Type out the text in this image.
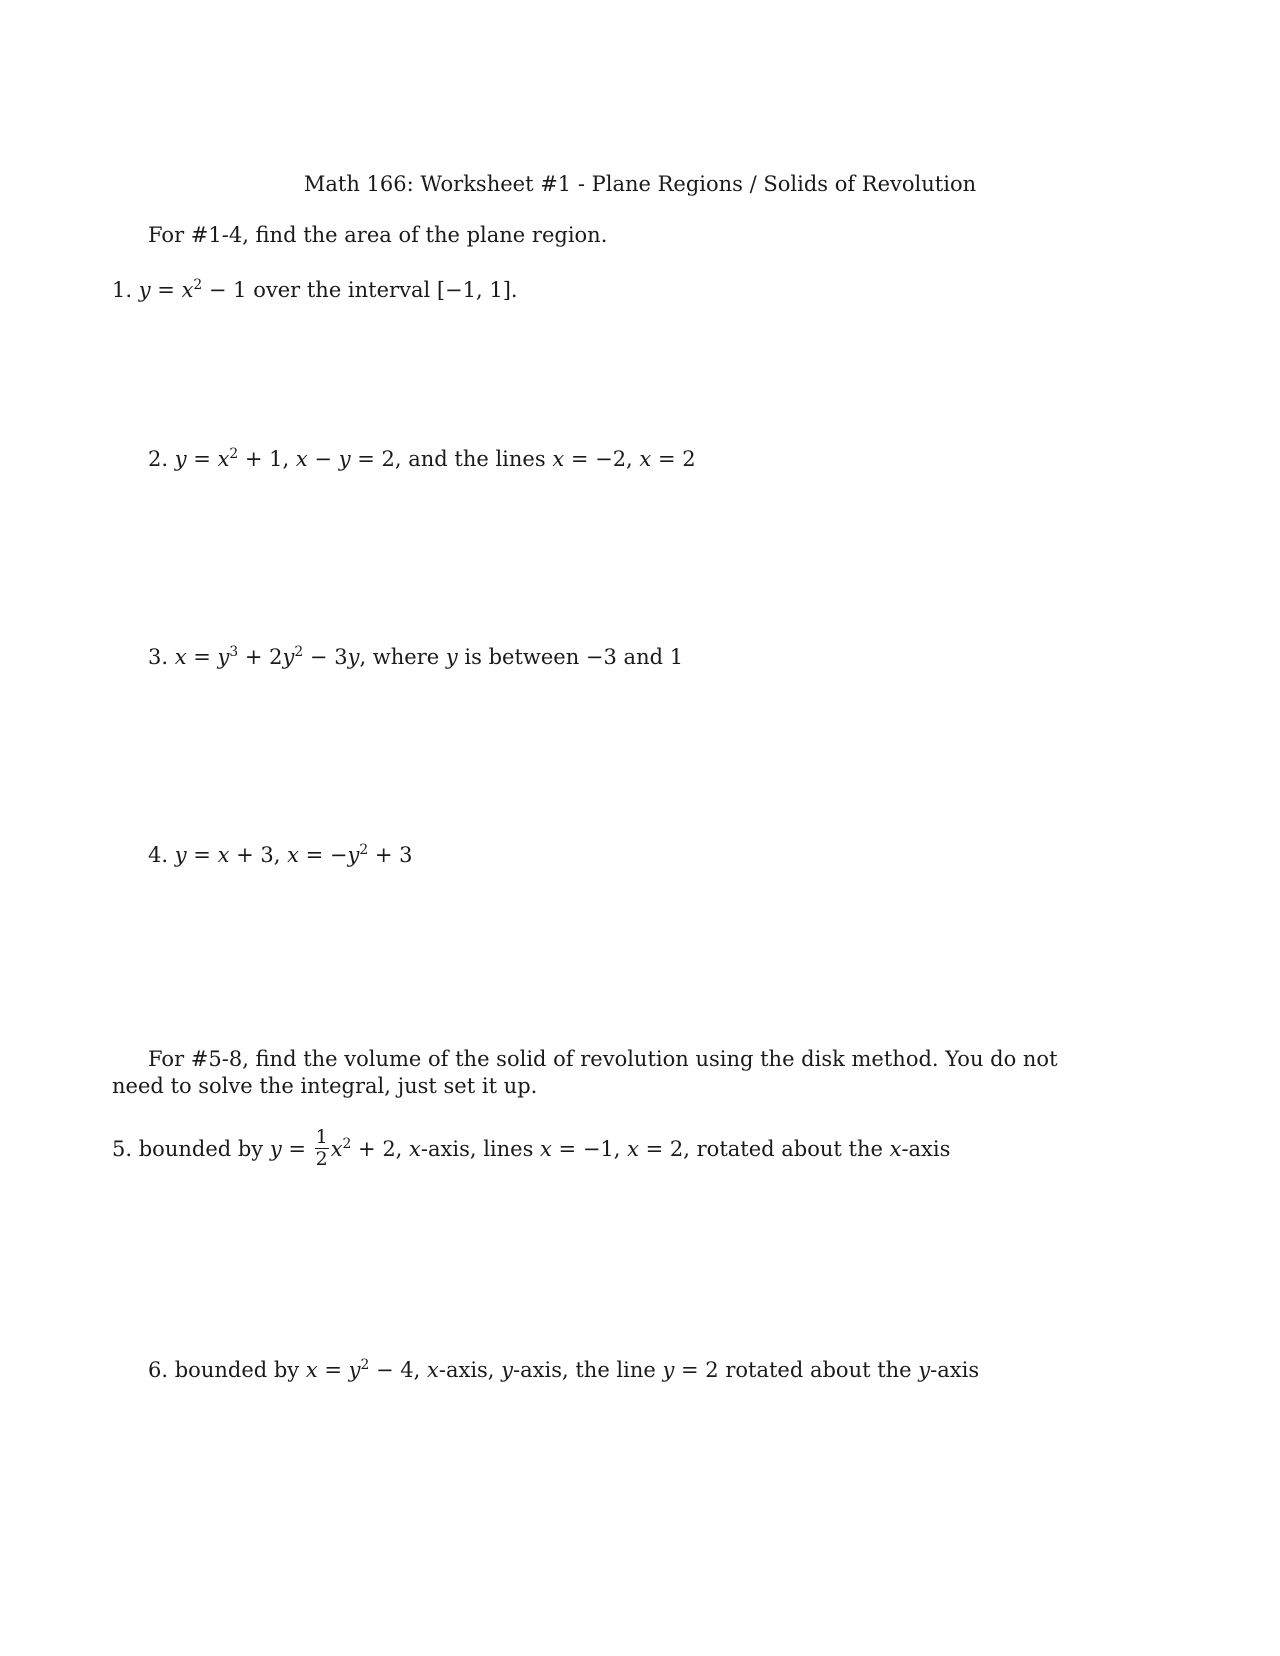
Math 166: Worksheet #1 - Plane Regions / Solids of Revolution
For #1-4, find the area of the plane region.
1. $y = x^2 - 1$ over the interval [−1, 1].
2. $y = x^2 + 1$, x − y = 2, and the lines x = −2, x = 2
3. $x = y^3 + 2y^2 - 3y$, where y is between −3 and 1
4. y = x + 3, $x = -y^2 + 3$
For #5-8, find the volume of the solid of revolution using the disk method. You do not need to solve the integral, just set it up.
5. bounded by $y = \frac{1}{2} x^2 + 2$, x-axis, lines x = −1, x = 2, rotated about the x-axis
6. bounded by $x = y^2 - 4$, x-axis, y-axis, the line y = 2 rotated about the y-axis
